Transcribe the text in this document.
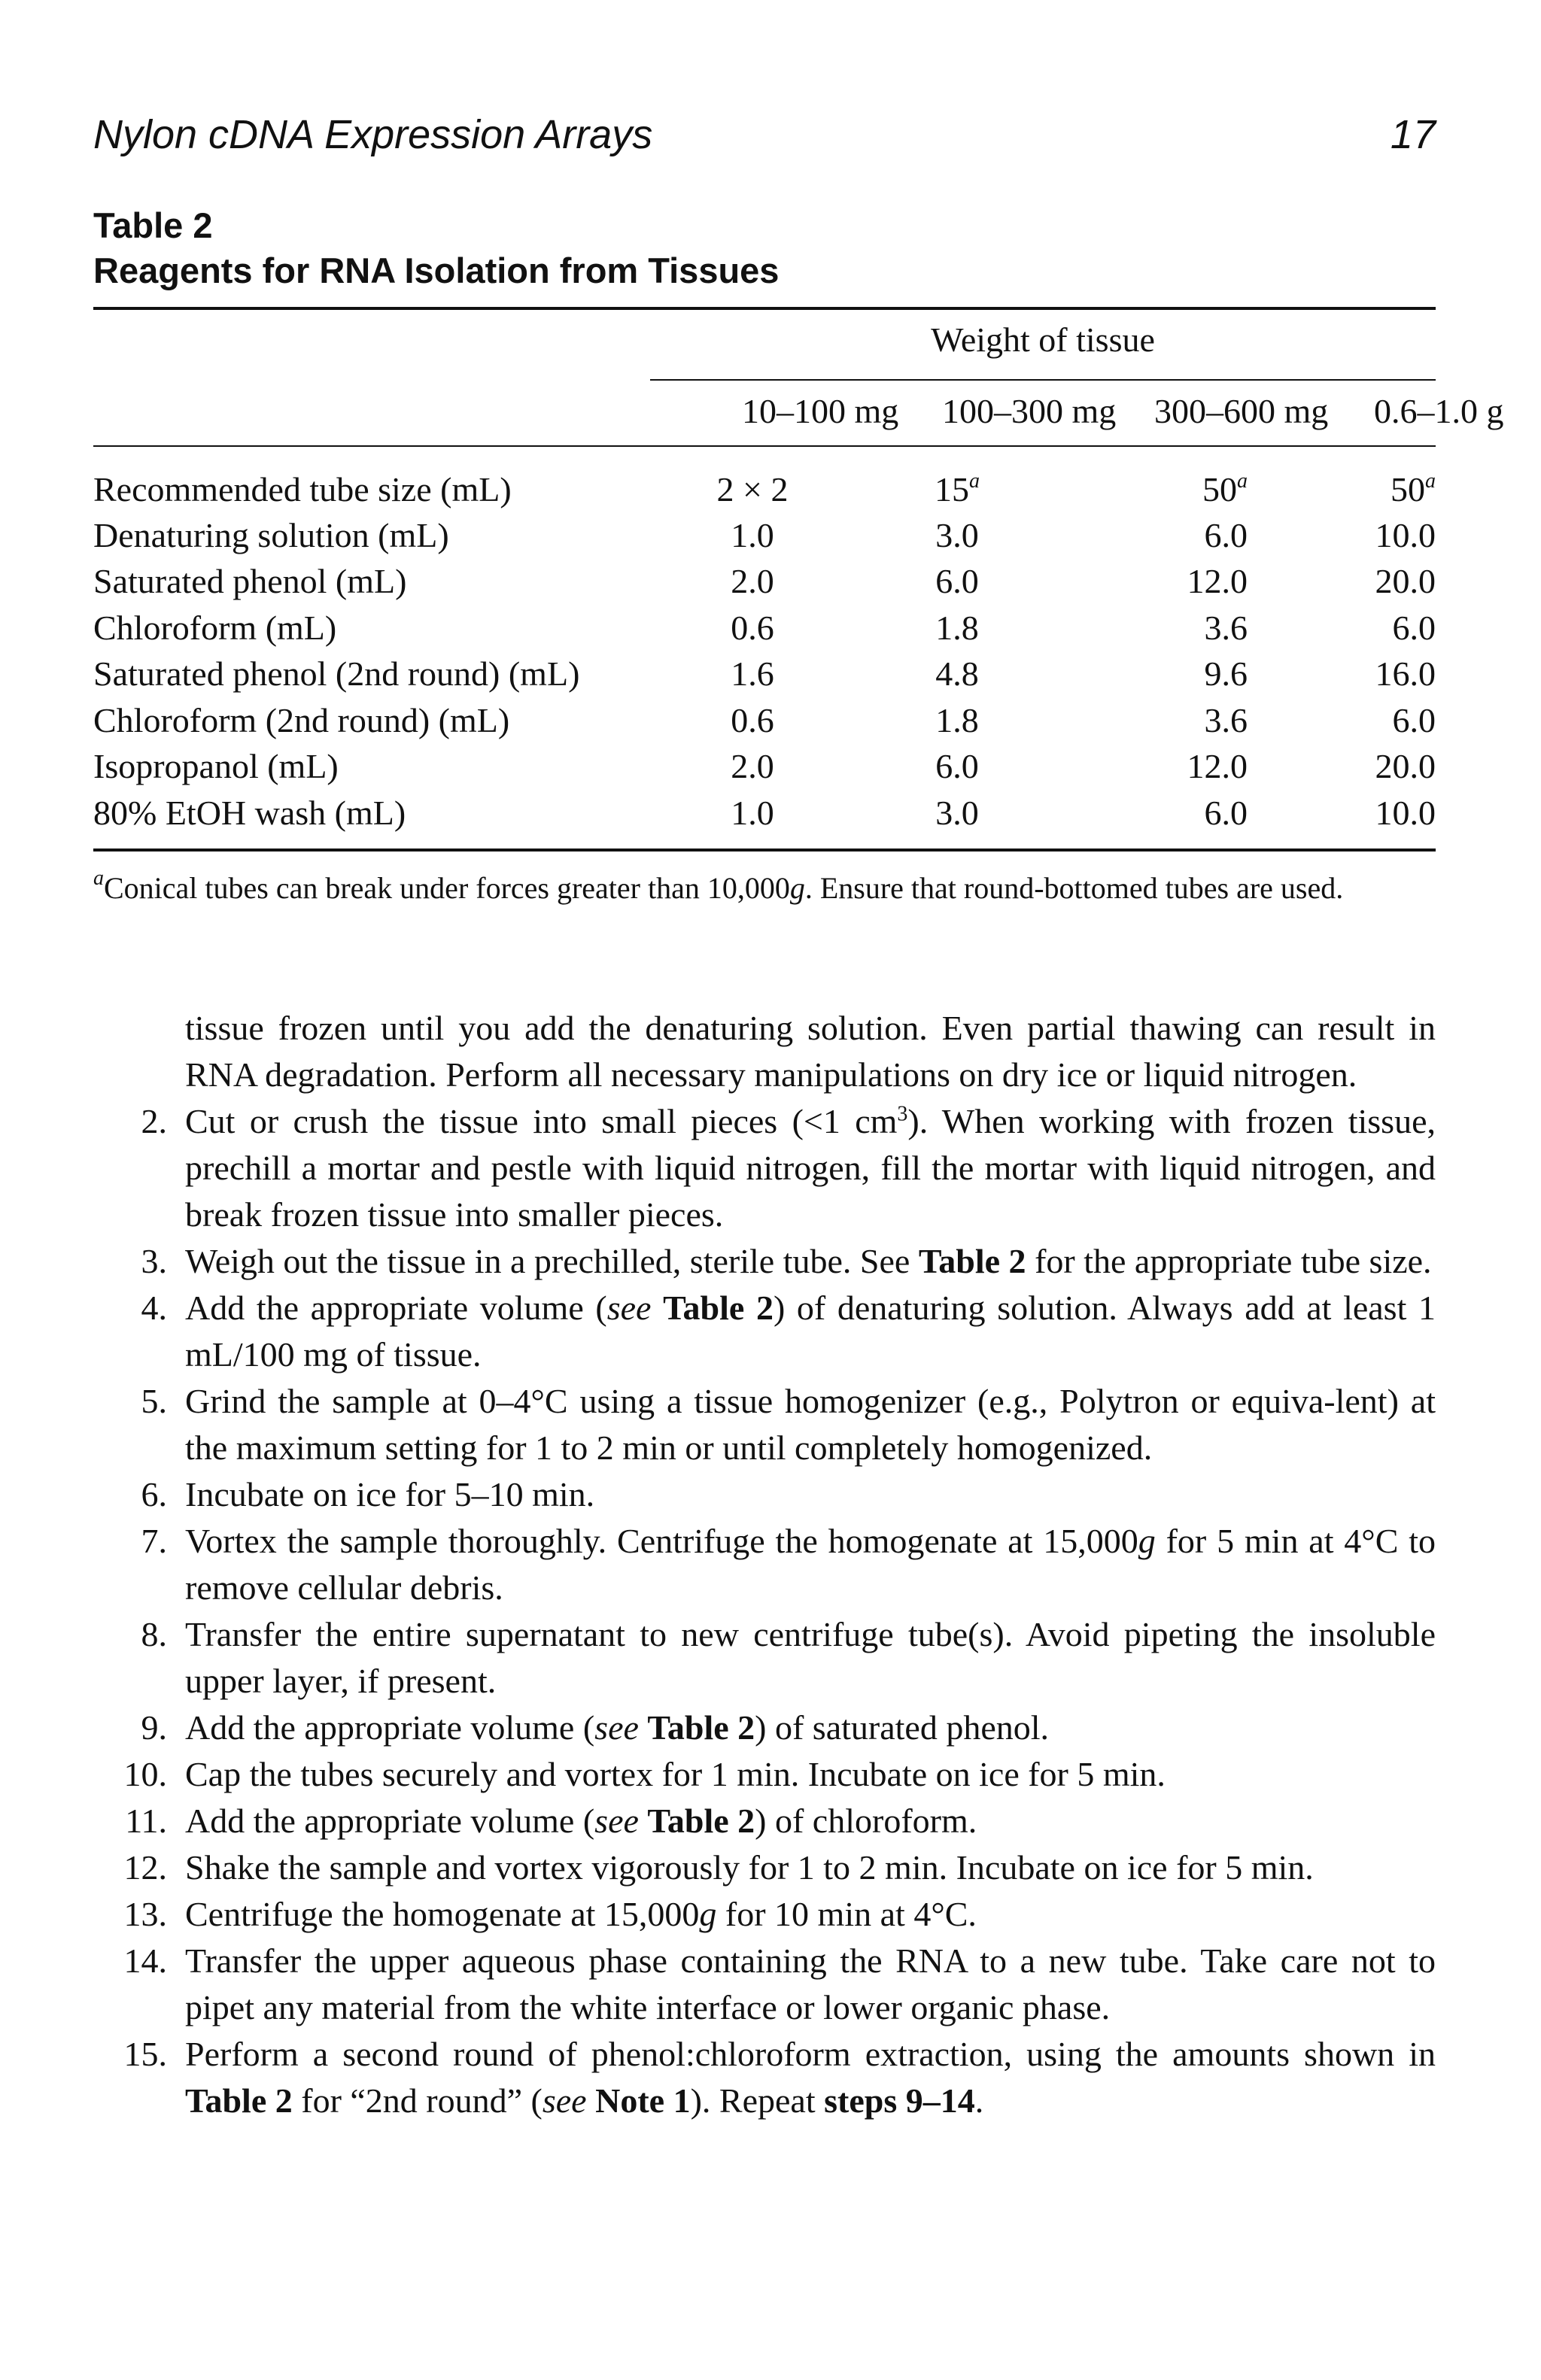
Nylon cDNA Expression Arrays	17
Table 2
Reagents for RNA Isolation from Tissues
Weight of tissue
10–100 mg 100–300 mg 300–600 mg 0.6–1.0 g
Recommended tube size (mL)	2 × 2	15$^a$	50$^a$	50$^a$
Denaturing solution (mL)	1.0	3.0	6.0	10.0
Saturated phenol (mL)	2.0	6.0	12.0	20.0
Chloroform (mL)	0.6	1.8	3.6	6.0
Saturated phenol (2nd round) (mL)	1.6	4.8	9.6	16.0
Chloroform (2nd round) (mL)	0.6	1.8	3.6	6.0
Isopropanol (mL)	2.0	6.0	12.0	20.0
80% EtOH wash (mL)	1.0	3.0	6.0	10.0
$^a$Conical tubes can break under forces greater than 10,000g. Ensure that round-bottomed tubes are used.

tissue frozen until you add the denaturing solution. Even partial thawing can result in RNA degradation. Perform all necessary manipulations on dry ice or liquid nitrogen.

2. Cut or crush the tissue into small pieces (<1 $cm^3$). When working with frozen tissue, prechill a mortar and pestle with liquid nitrogen, fill the mortar with liquid nitrogen, and break frozen tissue into smaller pieces.
3. Weigh out the tissue in a prechilled, sterile tube. See Table 2 for the appropriate tube size.
4. Add the appropriate volume (see Table 2) of denaturing solution. Always add at least 1 mL/100 mg of tissue.
5. Grind the sample at 0–4°C using a tissue homogenizer (e.g., Polytron or equiva-lent) at the maximum setting for 1 to 2 min or until completely homogenized.
6. Incubate on ice for 5–10 min.
7. Vortex the sample thoroughly. Centrifuge the homogenate at 15,000g for 5 min at 4°C to remove cellular debris.
8. Transfer the entire supernatant to new centrifuge tube(s). Avoid pipeting the insoluble upper layer, if present.
9. Add the appropriate volume (see Table 2) of saturated phenol.
10. Cap the tubes securely and vortex for 1 min. Incubate on ice for 5 min.
11. Add the appropriate volume (see Table 2) of chloroform.
12. Shake the sample and vortex vigorously for 1 to 2 min. Incubate on ice for 5 min.
13. Centrifuge the homogenate at 15,000g for 10 min at 4°C.
14. Transfer the upper aqueous phase containing the RNA to a new tube. Take care not to pipet any material from the white interface or lower organic phase.
15. Perform a second round of phenol:chloroform extraction, using the amounts shown in Table 2 for “2nd round” (see Note 1). Repeat steps 9–14.
